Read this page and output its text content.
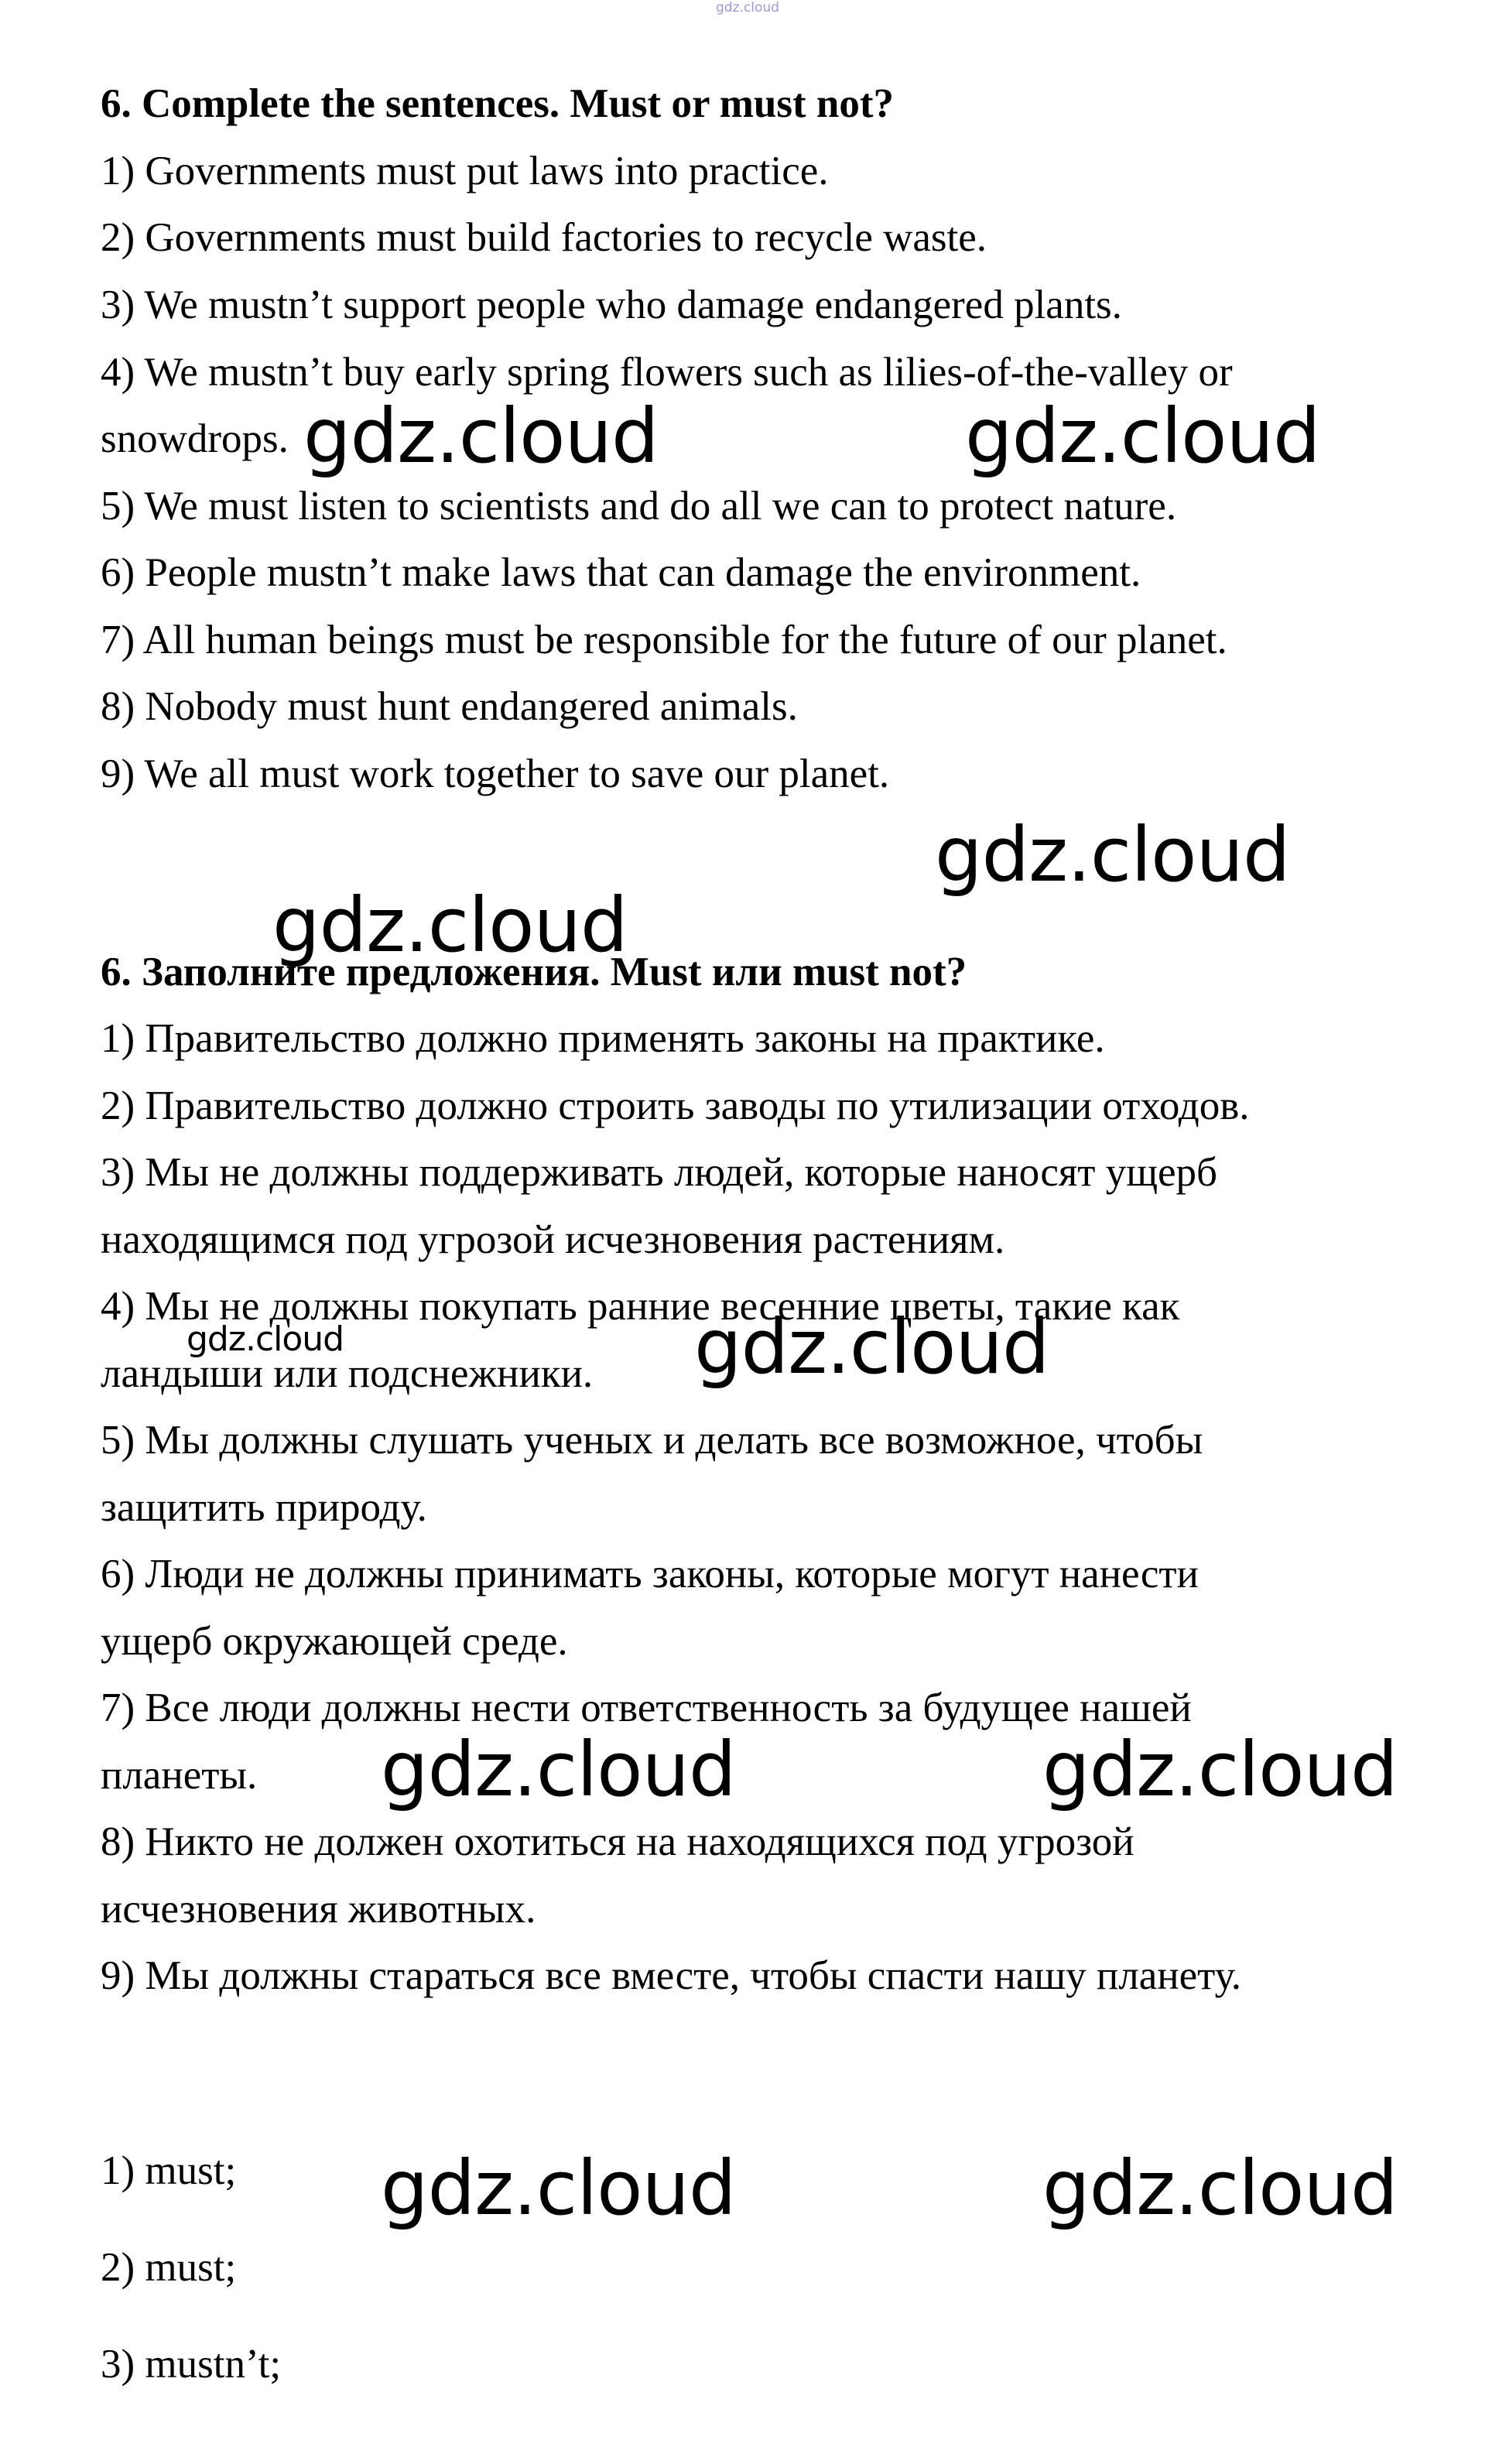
gdz.cloud

6. Complete the sentences. Must or must not?

1) Governments must put laws into practice.

2) Governments must build factories to recycle waste.

3) We mustn’t support people who damage endangered plants.

4) We mustn’t buy early spring flowers such as lilies-of-the-valley or

snowdrops.

5) We must listen to scientists and do all we can to protect nature.

6) People mustn’t make laws that can damage the environment.

7) All human beings must be responsible for the future of our planet.

8) Nobody must hunt endangered animals.

9) We all must work together to save our planet.

6. Заполните предложения. Must или must not?

1) Правительство должно применять законы на практике.

2) Правительство должно строить заводы по утилизации отходов.

3) Мы не должны поддерживать людей, которые наносят ущерб

находящимся под угрозой исчезновения растениям.

4) Мы не должны покупать ранние весенние цветы, такие как

ландыши или подснежники.

5) Мы должны слушать ученых и делать все возможное, чтобы

защитить природу.

6) Люди не должны принимать законы, которые могут нанести

ущерб окружающей среде.

7) Все люди должны нести ответственность за будущее нашей

планеты.

8) Никто не должен охотиться на находящихся под угрозой

исчезновения животных.

9) Мы должны стараться все вместе, чтобы спасти нашу планету.

1) must;

2) must;

3) mustn’t;

gdz.cloud	gdz.cloud
gdz.cloud
gdz.cloud
gdz.cloud	gdz.cloud
gdz.cloud	gdz.cloud
gdz.cloud	gdz.cloud
